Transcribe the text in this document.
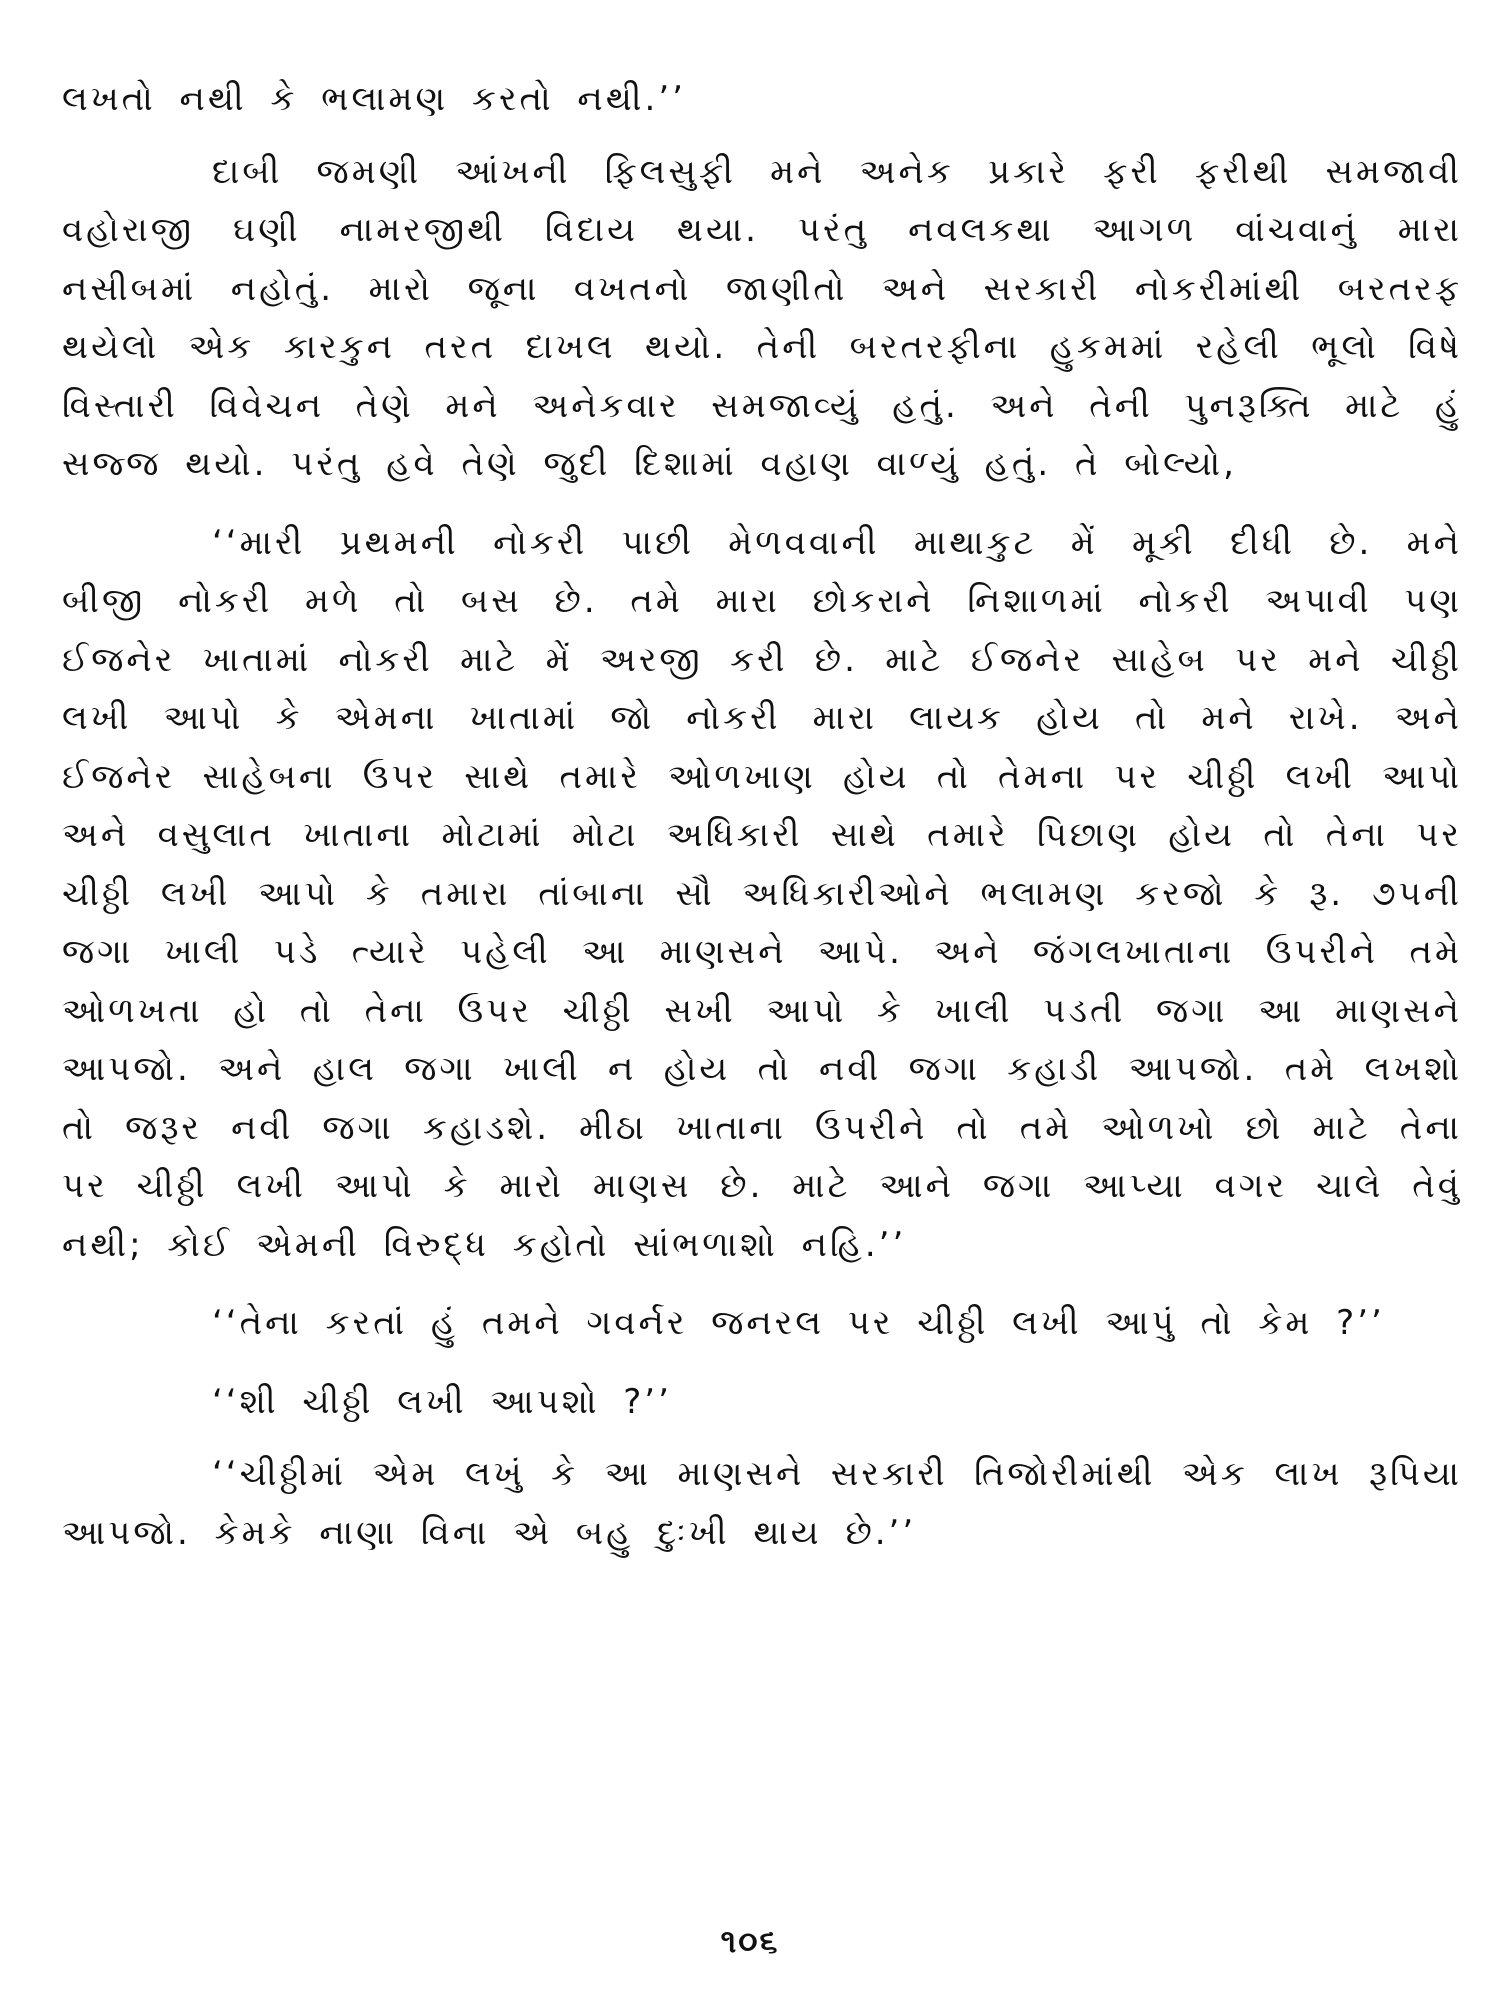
લખતો નથી કે ભલામણ કરતો નથી.’’

દાબી જમણી આંખની ફિલસુફી મને અનેક પ્રકારે ફરી ફરીથી સમજાવી વહોરાજી ઘણી નામરજીથી વિદાય થયા. પરંતુ નવલકથા આગળ વાંચવાનું મારા નસીબમાં નહોતું. મારો જૂના વખતનો જાણીતો અને સરકારી નોકરીમાંથી બરતરફ થયેલો એક કારકુન તરત દાખલ થયો. તેની બરતરફીના હુકમમાં રહેલી ભૂલો વિષે વિસ્તારી વિવેચન તેણે મને અનેકવાર સમજાવ્યું હતું. અને તેની પુનરૂક્તિ માટે હું સજ્જ થયો. પરંતુ હવે તેણે જુદી દિશામાં વહાણ વાળ્યું હતું. તે બોલ્યો,

‘‘મારી પ્રથમની નોકરી પાછી મેળવવાની માથાકુટ મેં મૂકી દીધી છે. મને બીજી નોકરી મળે તો બસ છે. તમે મારા છોકરાને નિશાળમાં નોકરી અપાવી પણ ઈજનેર ખાતામાં નોકરી માટે મેં અરજી કરી છે. માટે ઈજનેર સાહેબ પર મને ચીઠ્ઠી લખી આપો કે એમના ખાતામાં જો નોકરી મારા લાયક હોય તો મને રાખે. અને ઈજનેર સાહેબના ઉપર સાથે તમારે ઓળખાણ હોય તો તેમના પર ચીઠ્ઠી લખી આપો અને વસુલાત ખાતાના મોટામાં મોટા અધિકારી સાથે તમારે પિછાણ હોય તો તેના પર ચીઠ્ઠી લખી આપો કે તમારા તાંબાના સૌ અધિકારીઓને ભલામણ કરજો કે રૂ. ૭૫ની જગા ખાલી પડે ત્યારે પહેલી આ માણસને આપે. અને જંગલખાતાના ઉપરીને તમે ઓળખતા હો તો તેના ઉપર ચીઠ્ઠી સખી આપો કે ખાલી પડતી જગા આ માણસને આપજો. અને હાલ જગા ખાલી ન હોય તો નવી જગા કહાડી આપજો. તમે લખશો તો જરૂર નવી જગા કહાડશે. મીઠા ખાતાના ઉપરીને તો તમે ઓળખો છો માટે તેના પર ચીઠ્ઠી લખી આપો કે મારો માણસ છે. માટે આને જગા આપ્યા વગર ચાલે તેવું નથી; કોઈ એમની વિરુદ્ધ કહોતો સાંભળાશો નહિ.’’

‘‘તેના કરતાં હું તમને ગવર્નર જનરલ પર ચીઠ્ઠી લખી આપું તો કેમ ?’’

‘‘શી ચીઠ્ઠી લખી આપશો ?’’

‘‘ચીઠ્ઠીમાં એમ લખું કે આ માણસને સરકારી તિજોરીમાંથી એક લાખ રૂપિયા આપજો. કેમકે નાણા વિના એ બહુ દુઃખી થાય છે.’’

૧૦૬
